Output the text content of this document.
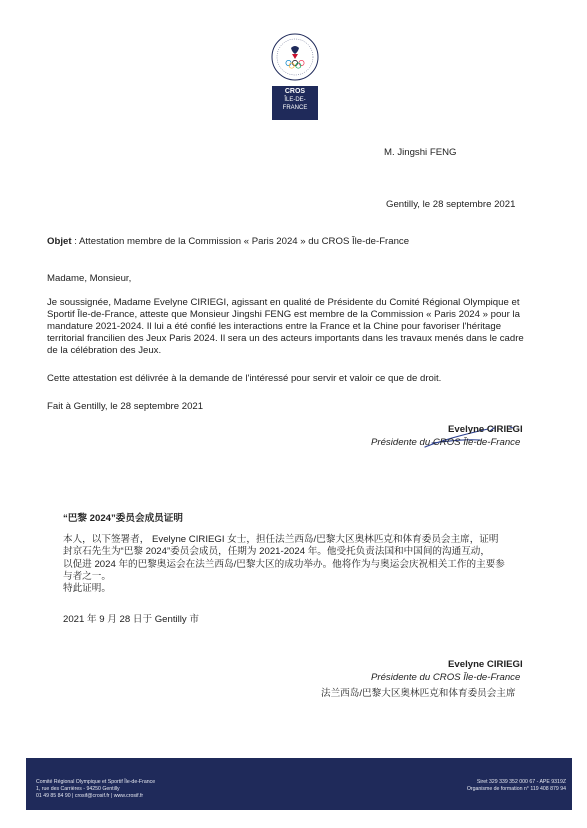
CROS
ÎLE-DE-
FRANCE
M. Jingshi FENG
Gentilly, le 28 septembre 2021
Objet : Attestation membre de la Commission « Paris 2024 » du CROS Île-de-France
Madame, Monsieur,
Je soussignée, Madame Evelyne CIRIEGI, agissant en qualité de Présidente du Comité Régional Olympique et Sportif Île-de-France, atteste que Monsieur Jingshi FENG est membre de la Commission « Paris 2024 » pour la mandature 2021-2024. Il lui a été confié les interactions entre la France et la Chine pour favoriser l'héritage territorial francilien des Jeux Paris 2024. Il sera un des acteurs importants dans les travaux menés dans le cadre de la célébration des Jeux.
Cette attestation est délivrée à la demande de l'intéressé pour servir et valoir ce que de droit.
Fait à Gentilly, le 28 septembre 2021
Evelyne CIRIEGI
Présidente du CROS Île-de-France
“巴黎 2024”委员会成员证明
本人，以下签署者， Evelyne CIRIEGI 女士，担任法兰西岛/巴黎大区奥林匹克和体育委员会主席，证明
封京石先生为“巴黎 2024”委员会成员，任期为 2021-2024 年。他受托负责法国和中国间的沟通互动，
以促进 2024 年的巴黎奥运会在法兰西岛/巴黎大区的成功举办。他将作为与奥运会庆祝相关工作的主要参
与者之一。
特此证明。
2021 年 9 月 28 日于 Gentilly 市
Evelyne CIRIEGI
Présidente du CROS Île-de-France
法兰西岛/巴黎大区奥林匹克和体育委员会主席
Comité Régional Olympique et Sportif Île-de-France
1, rue des Carrières - 94250 Gentilly
01 49 85 84 90 | crosif@crosif.fr | www.crosif.fr
Siret 329 339 352 000 67 - APE 9319Z
Organisme de formation n° 119 408 879 94
